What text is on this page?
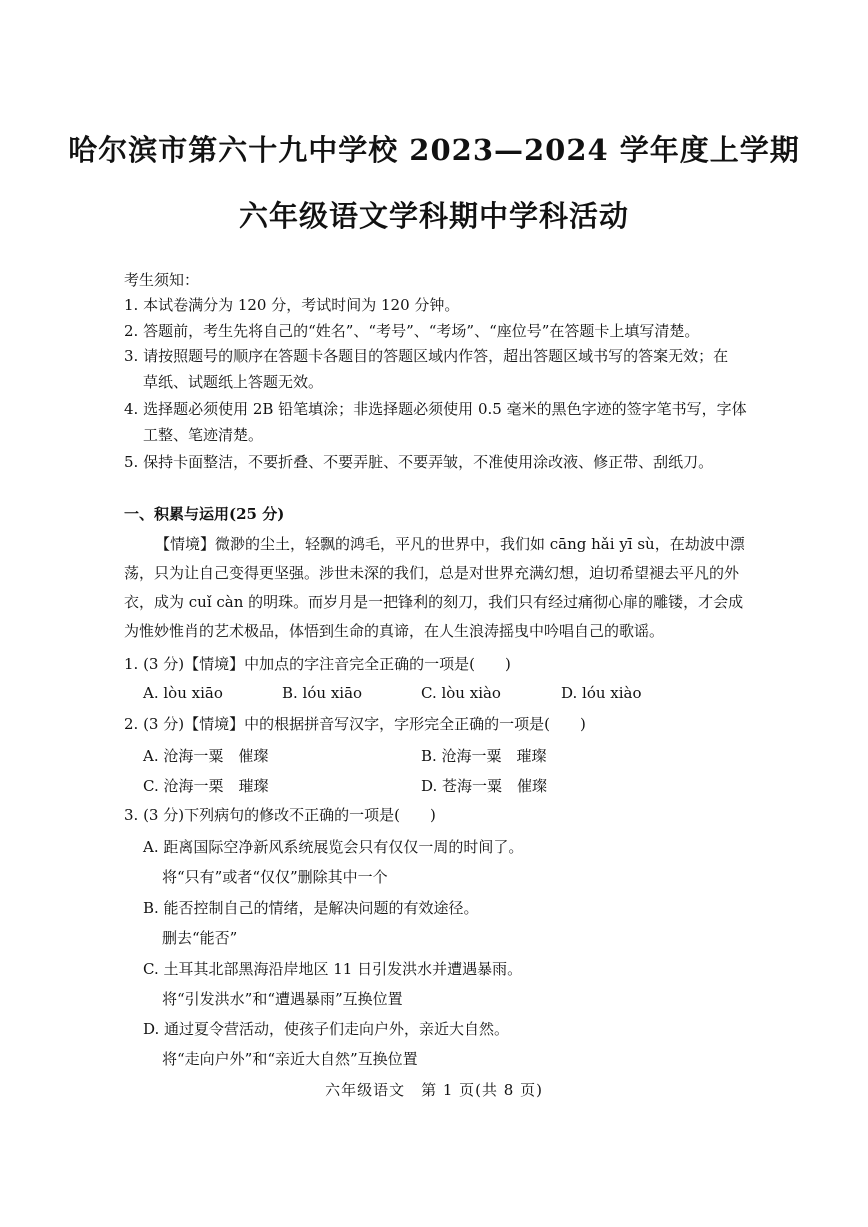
哈尔滨市第六十九中学校 2023—2024 学年度上学期
六年级语文学科期中学科活动
考生须知：
1. 本试卷满分为 120 分，考试时间为 120 分钟。
2. 答题前，考生先将自己的“姓名”、“考号”、“考场”、“座位号”在答题卡上填写清楚。
3. 请按照题号的顺序在答题卡各题目的答题区域内作答，超出答题区域书写的答案无效；在
草纸、试题纸上答题无效。
4. 选择题必须使用 2B 铅笔填涂；非选择题必须使用 0.5 毫米的黑色字迹的签字笔书写，字体
工整、笔迹清楚。
5. 保持卡面整洁，不要折叠、不要弄脏、不要弄皱，不准使用涂改液、修正带、刮纸刀。
一、积累与运用(25 分)
【情境】微渺的尘土，轻飘的鸿毛，平凡的世界中，我们如 cāng hǎi yī sù，在劫波中漂荡，只为让自己变得更坚强。涉世未深的我们，总是对世界充满幻想，迫切希望褪去平凡的外衣，成为 cuǐ càn 的明珠。而岁月是一把锋利的刻刀，我们只有经过痛彻心扉的雕镂，才会成为惟妙惟肖的艺术极品，体悟到生命的真谛，在人生浪涛摇曳中吟唱自己的歌谣。
1. (3 分)【情境】中加点的字注音完全正确的一项是(　　)
A. lòu xiāo	B. lóu xiāo	C. lòu xiào	D. lóu xiào
2. (3 分)【情境】中的根据拼音写汉字，字形完全正确的一项是(　　)
A. 沧海一粟　催璨	B. 沧海一粟　璀璨
C. 沧海一栗　璀璨	D. 苍海一粟　催璨
3. (3 分)下列病句的修改不正确的一项是(　　)
A. 距离国际空净新风系统展览会只有仅仅一周的时间了。
将“只有”或者“仅仅”删除其中一个
B. 能否控制自己的情绪，是解决问题的有效途径。
删去“能否”
C. 土耳其北部黑海沿岸地区 11 日引发洪水并遭遇暴雨。
将“引发洪水”和“遭遇暴雨”互换位置
D. 通过夏令营活动，使孩子们走向户外，亲近大自然。
将“走向户外”和“亲近大自然”互换位置
六年级语文　第 1 页(共 8 页)
